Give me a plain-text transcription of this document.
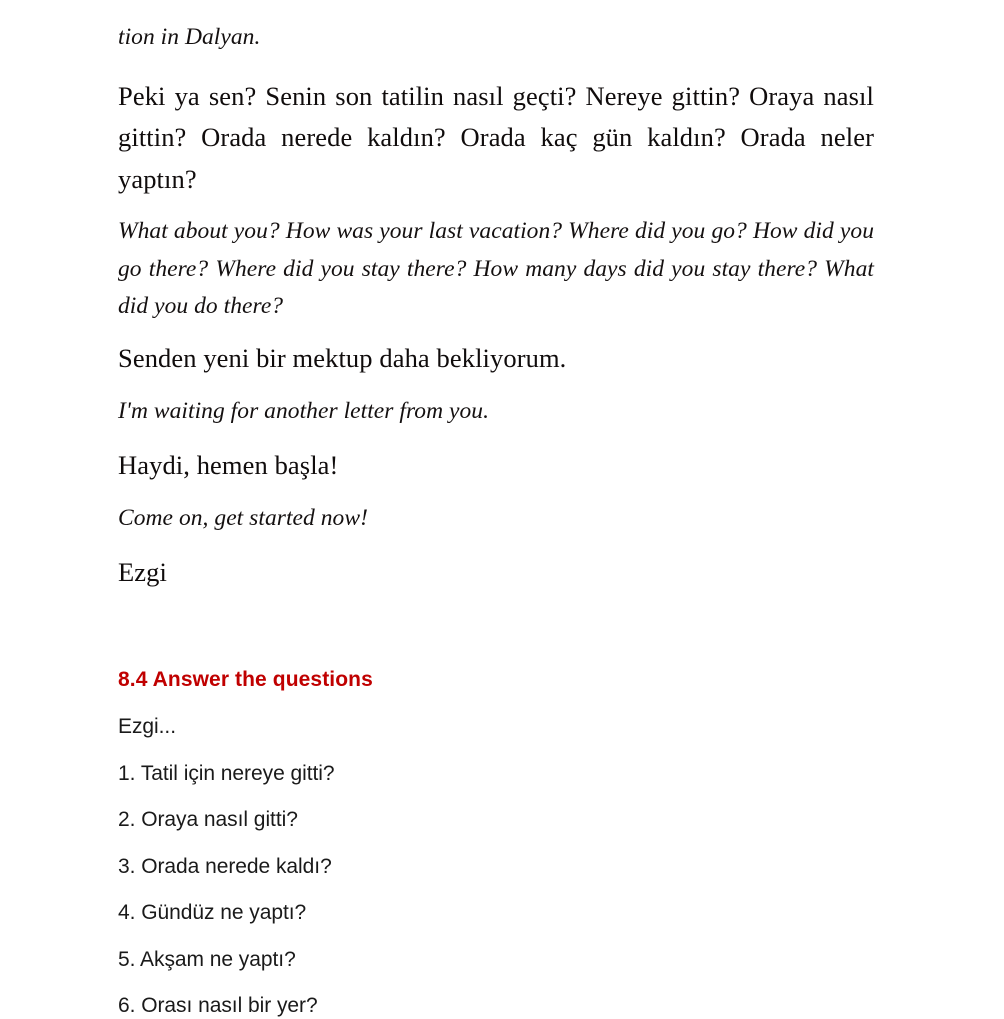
tion in Dalyan.

Peki ya sen? Senin son tatilin nasıl geçti? Nereye gittin? Oraya nasıl gittin? Orada nerede kaldın? Orada kaç gün kaldın? Orada neler yaptın?

What about you? How was your last vacation? Where did you go? How did you go there? Where did you stay there? How many days did you stay there? What did you do there?

Senden yeni bir mektup daha bekliyorum.

I'm waiting for another letter from you.

Haydi, hemen başla!

Come on, get started now!

Ezgi

8.4 Answer the questions

Ezgi...

1. Tatil için nereye gitti?

2. Oraya nasıl gitti?

3. Orada nerede kaldı?

4. Gündüz ne yaptı?

5. Akşam ne yaptı?

6. Orası nasıl bir yer?
